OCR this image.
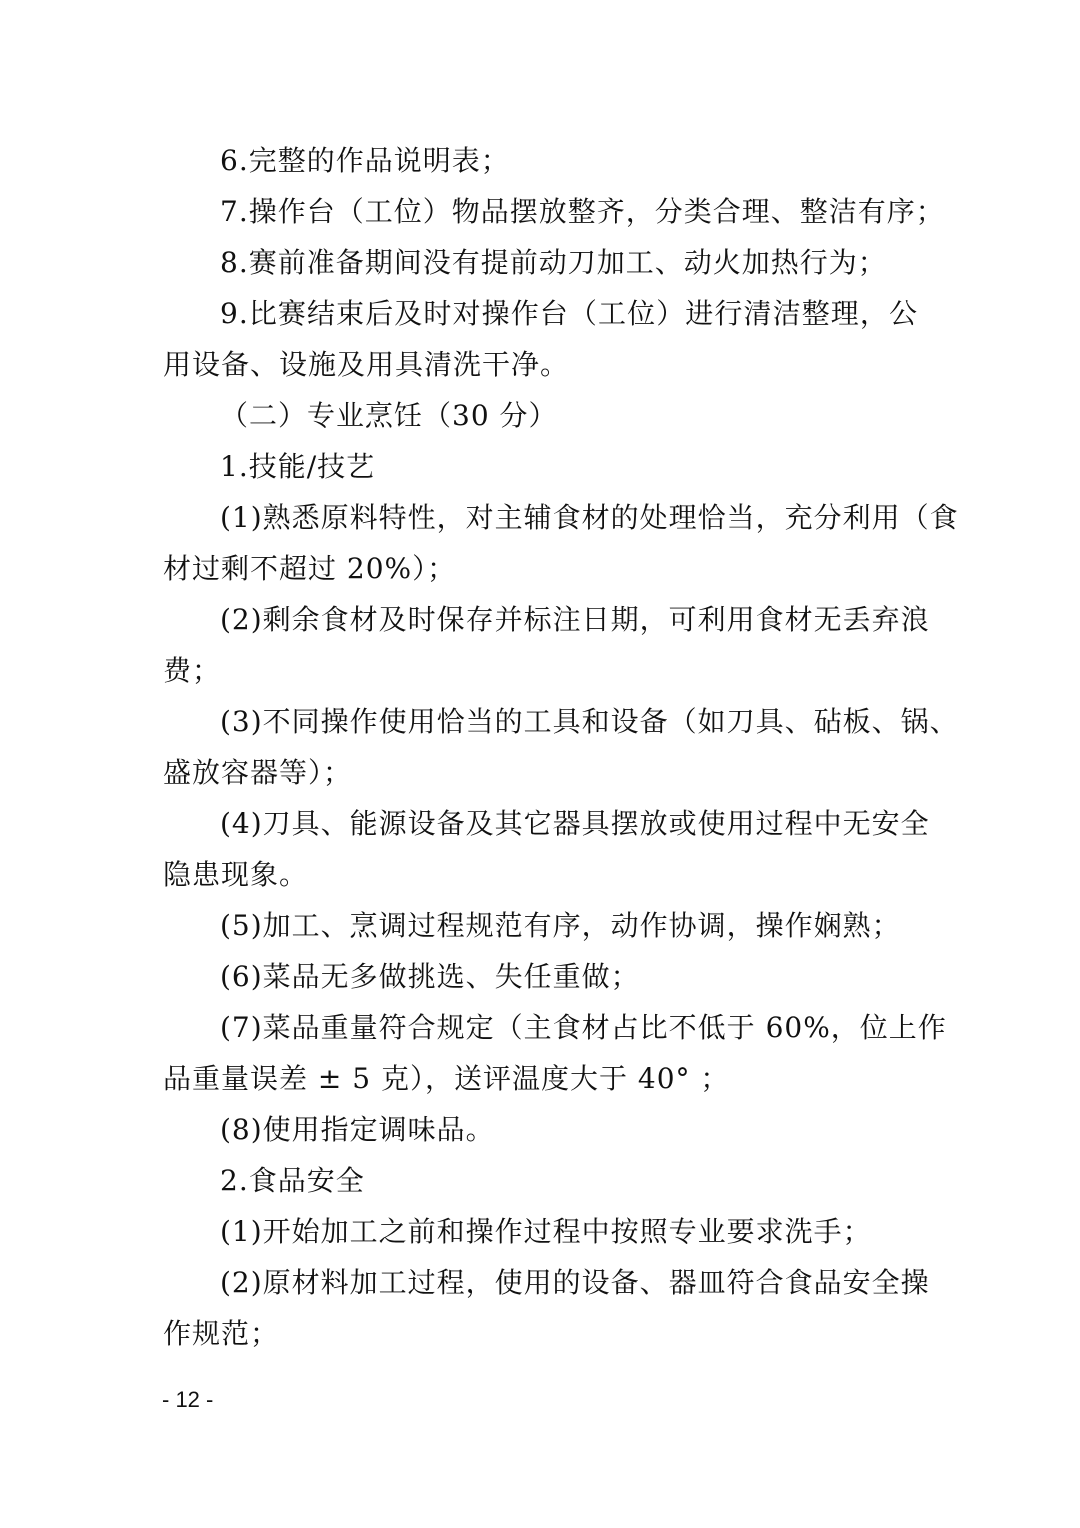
6.完整的作品说明表；
7.操作台（工位）物品摆放整齐，分类合理、整洁有序；
8.赛前准备期间没有提前动刀加工、动火加热行为；
9.比赛结束后及时对操作台（工位）进行清洁整理，公
用设备、设施及用具清洗干净。
（二）专业烹饪（30 分）
1.技能/技艺
(1)熟悉原料特性，对主辅食材的处理恰当，充分利用（食
材过剩不超过 20%）；
(2)剩余食材及时保存并标注日期，可利用食材无丢弃浪
费；
(3)不同操作使用恰当的工具和设备（如刀具、砧板、锅、
盛放容器等）；
(4)刀具、能源设备及其它器具摆放或使用过程中无安全
隐患现象。
(5)加工、烹调过程规范有序，动作协调，操作娴熟；
(6)菜品无多做挑选、失任重做；
(7)菜品重量符合规定（主食材占比不低于 60%，位上作
品重量误差 ± 5 克），送评温度大于 40° ；
(8)使用指定调味品。
2.食品安全
(1)开始加工之前和操作过程中按照专业要求洗手；
(2)原材料加工过程，使用的设备、器皿符合食品安全操
作规范；
- 12 -
